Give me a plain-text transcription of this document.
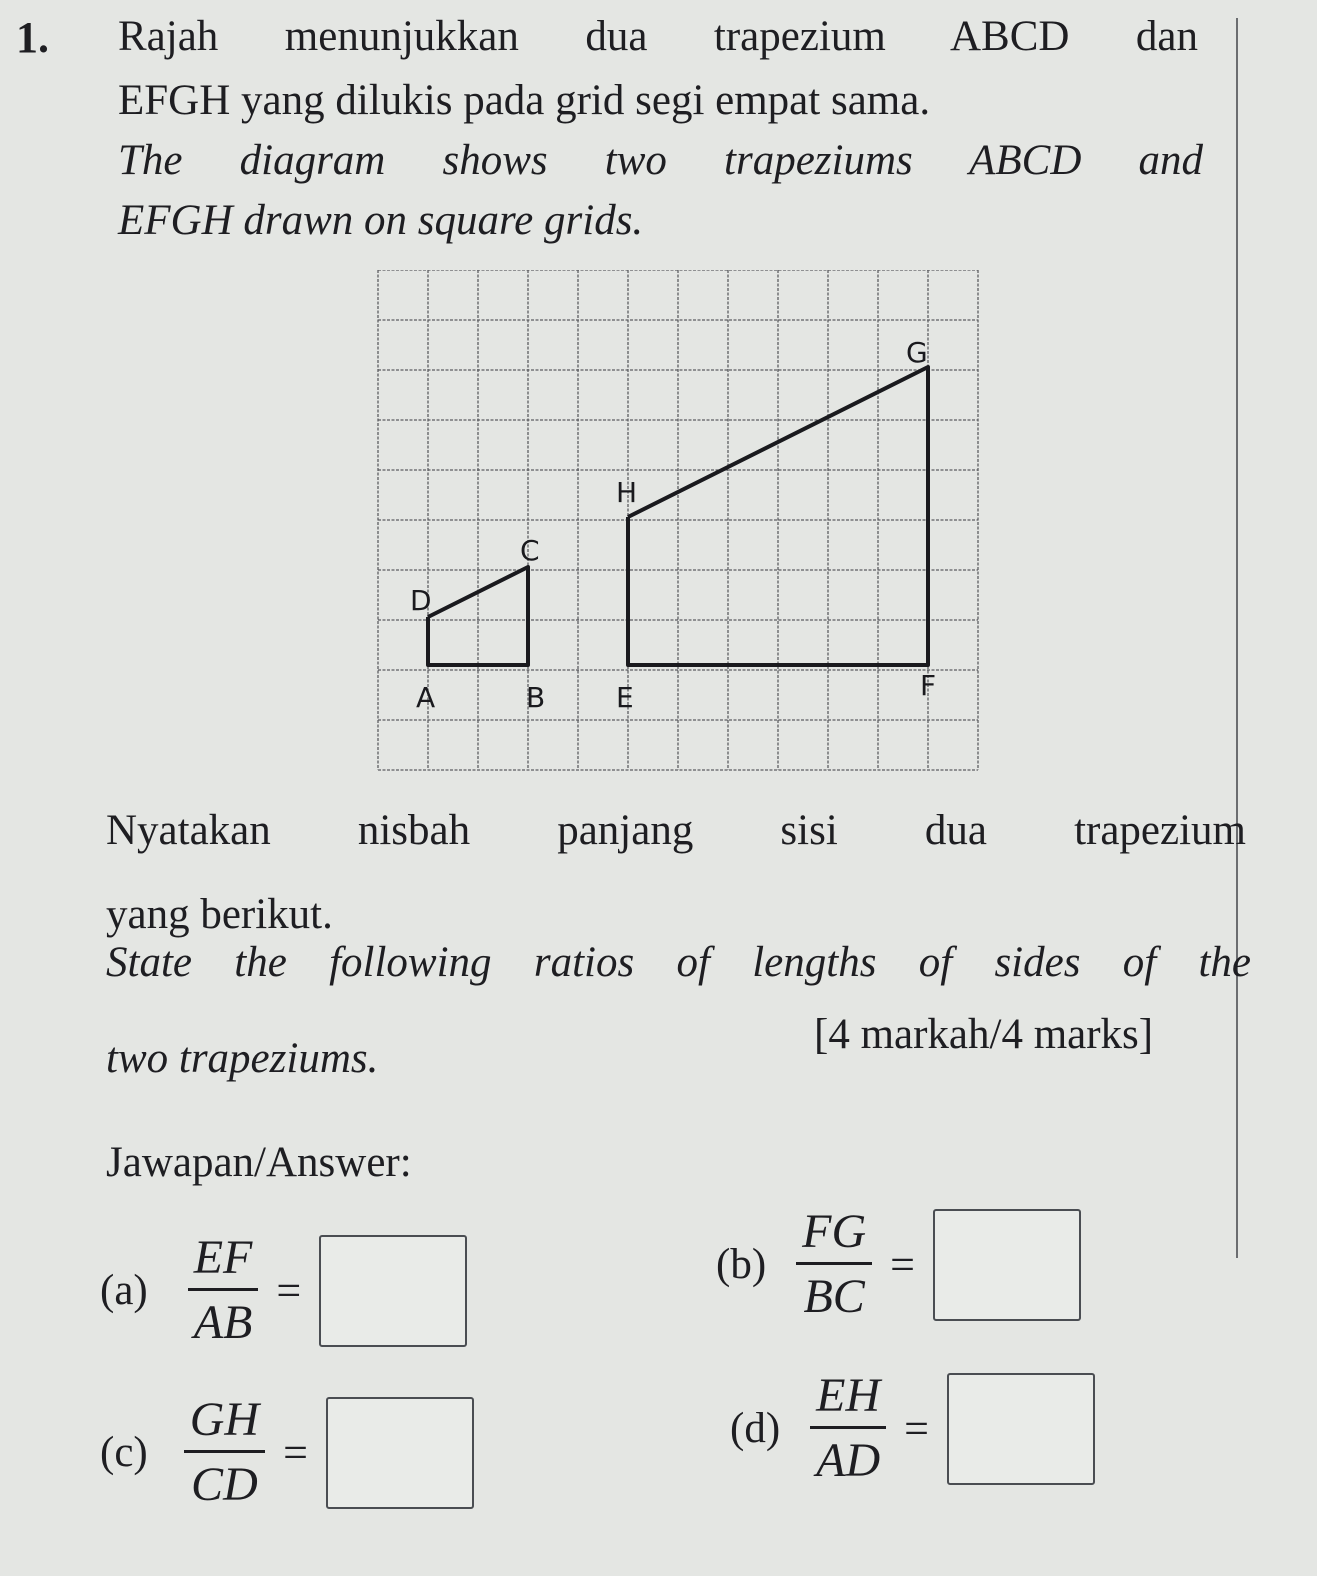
1. Rajah menunjukkan dua trapezium ABCD dan
EFGH yang dilukis pada grid segi empat sama.
The diagram shows two trapeziums ABCD and
EFGH drawn on square grids.
A	B
C
D
E	F
G
H
Nyatakan nisbah panjang sisi dua trapezium
yang berikut.
State the following ratios of lengths of sides of the
two trapeziums.
[4 markah/4 marks]
Jawapan/Answer:
$(a) \frac{EF}{AB}$ =
$(b) \frac{FG}{BC}$ =
$(c) \frac{GH}{CD}$ =	$(d) \frac{EH}{AD}$ =
